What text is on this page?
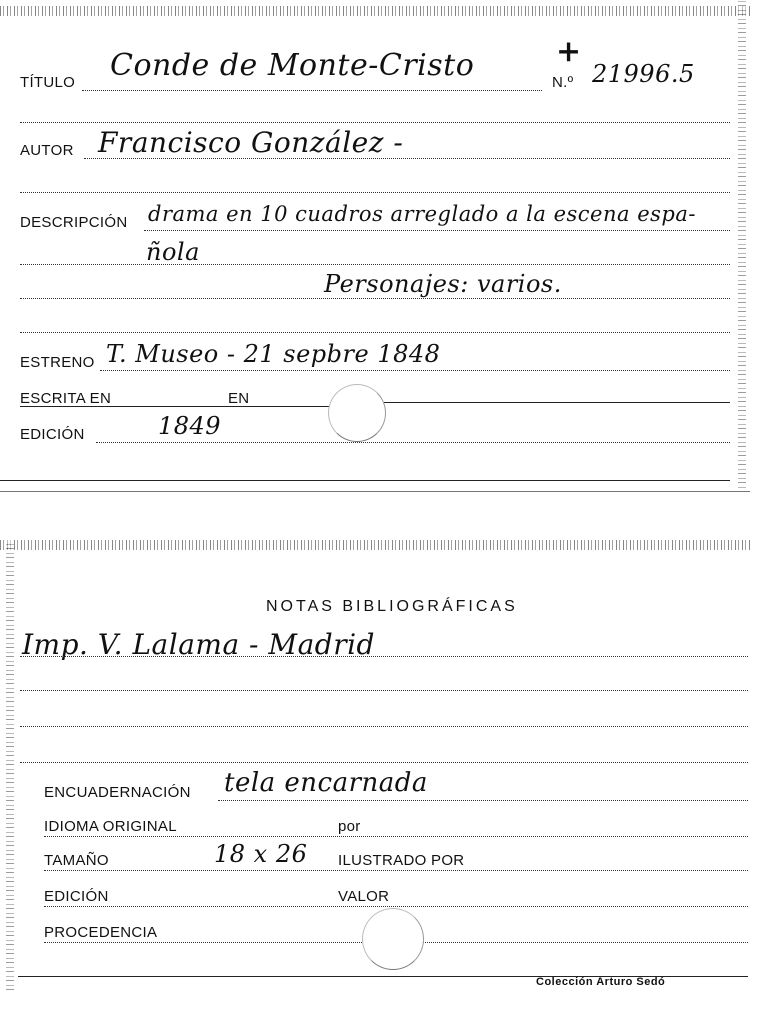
TÍTULO Conde de Monte-Cristo	+
N.º 21996.5
AUTOR Francisco González -
DESCRIPCIÓN drama en 10 cuadros arreglado a la escena espa-
ñola
Personajes: varios.
ESTRENO T. Museo - 21 sepbre 1848
ESCRITA EN	EN
EDICIÓN	1849
NOTAS BIBLIOGRÁFICAS
Imp. V. Lalama - Madrid
ENCUADERNACIÓN tela encarnada
IDIOMA ORIGINAL	por
TAMAÑO	18 x 26 ILUSTRADO POR
EDICIÓN	VALOR
PROCEDENCIA
Colección Arturo Sedó
